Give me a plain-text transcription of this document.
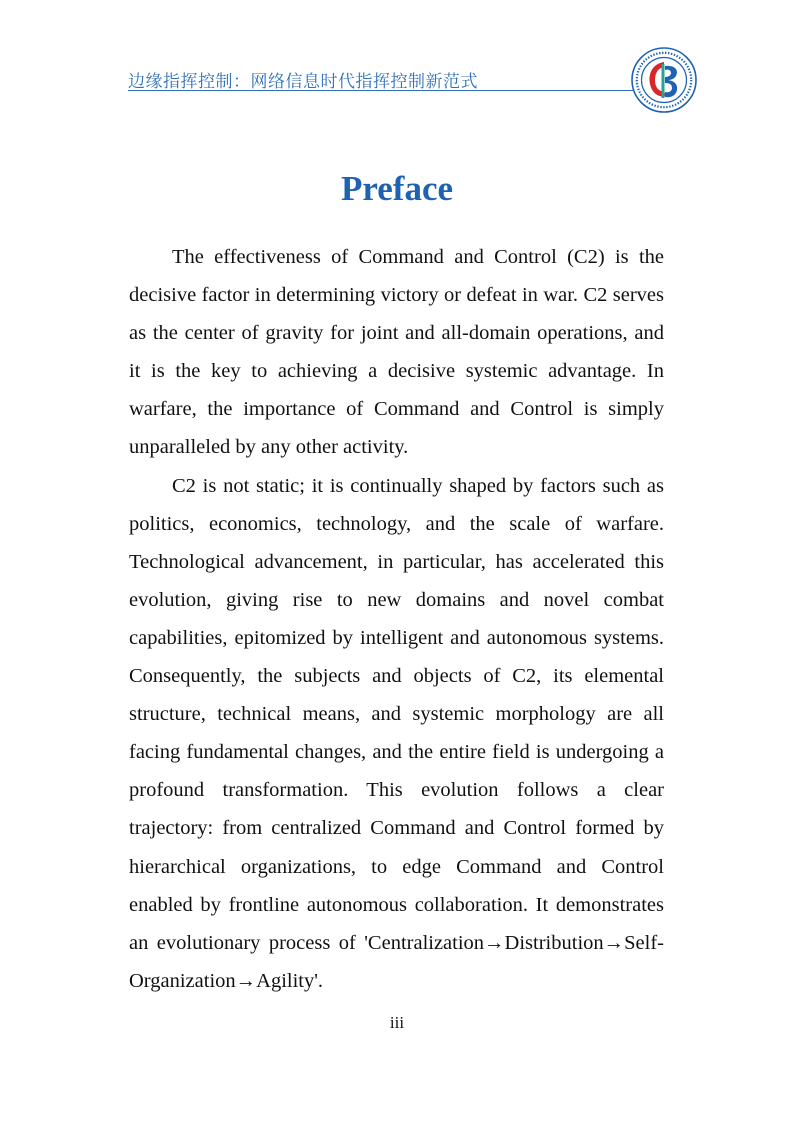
边缘指挥控制：网络信息时代指挥控制新范式
Preface

The effectiveness of Command and Control (C2) is the decisive factor in determining victory or defeat in war. C2 serves as the center of gravity for joint and all-domain operations, and it is the key to achieving a decisive systemic advantage. In warfare, the importance of Command and Control is simply unparalleled by any other activity.

C2 is not static; it is continually shaped by factors such as politics, economics, technology, and the scale of warfare. Technological advancement, in particular, has accelerated this evolution, giving rise to new domains and novel combat capabilities, epitomized by intelligent and autonomous systems. Consequently, the subjects and objects of C2, its elemental structure, technical means, and systemic morphology are all facing fundamental changes, and the entire field is undergoing a profound transformation. This evolution follows a clear trajectory: from centralized Command and Control formed by hierarchical organizations, to edge Command and Control enabled by frontline autonomous collaboration. It demonstrates an evolutionary process of 'Centralization→Distribution→Self-Organization→Agility'.

iii
